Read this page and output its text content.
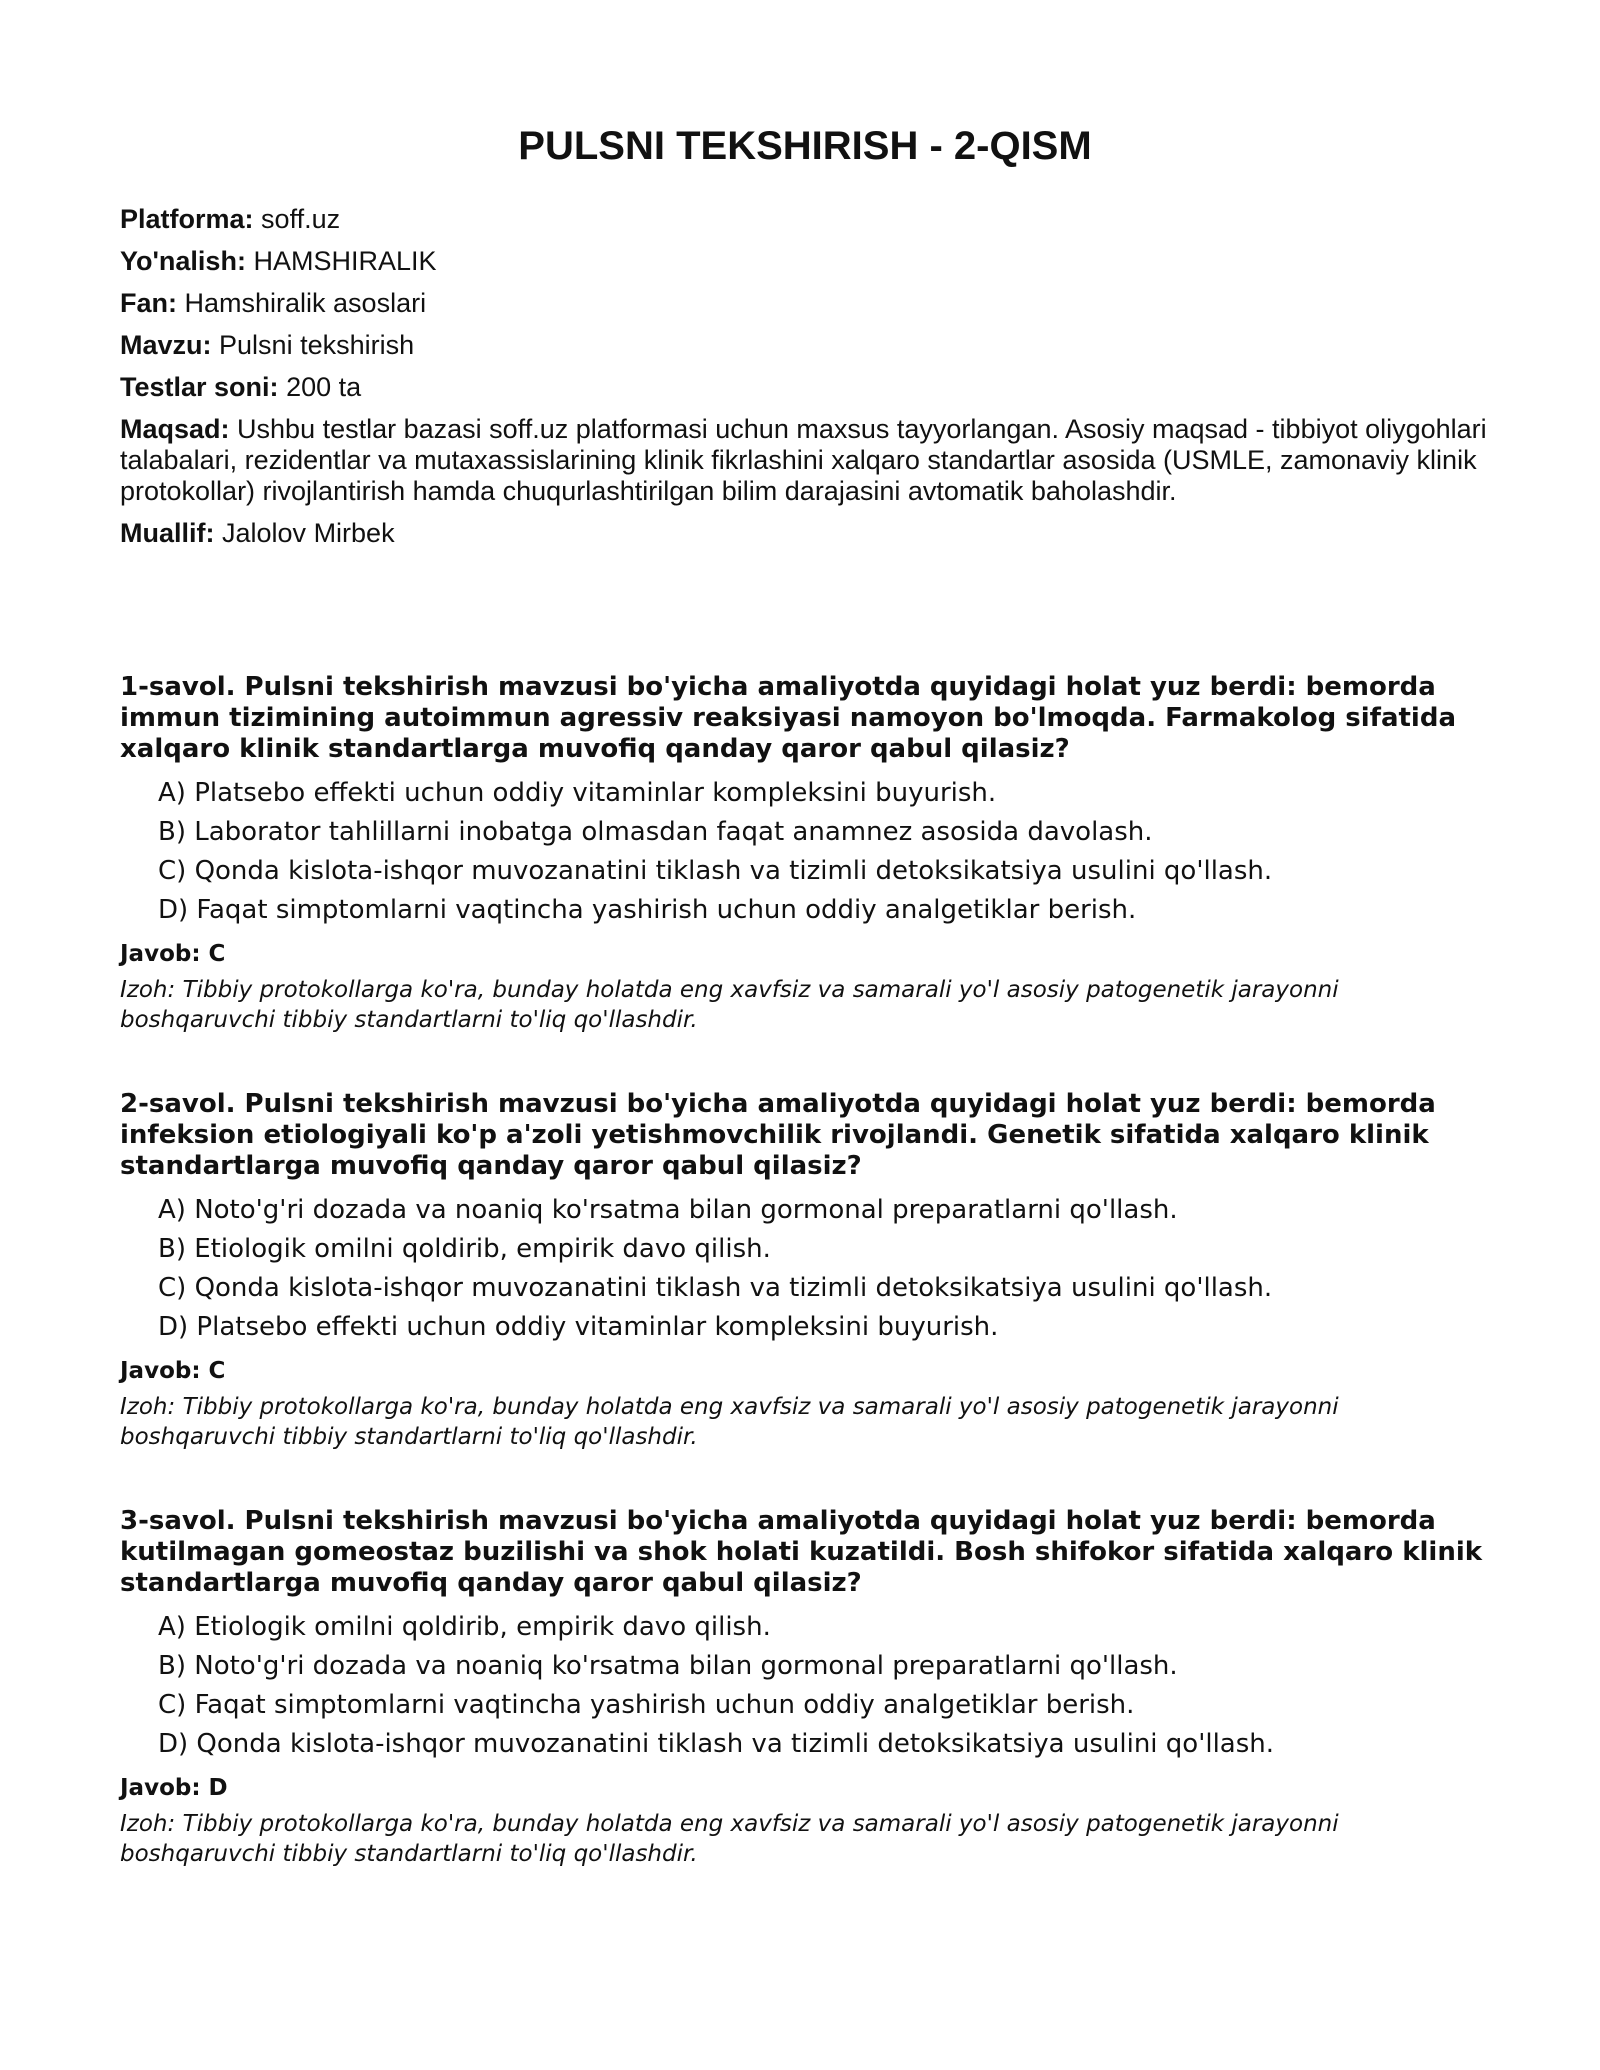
PULSNI TEKSHIRISH - 2-QISM

Platforma: soff.uz

Yo'nalish: HAMSHIRALIK

Fan: Hamshiralik asoslari

Mavzu: Pulsni tekshirish

Testlar soni: 200 ta

Maqsad: Ushbu testlar bazasi soff.uz platformasi uchun maxsus tayyorlangan. Asosiy maqsad - tibbiyot oliygohlari talabalari, rezidentlar va mutaxassislarining klinik fikrlashini xalqaro standartlar asosida (USMLE, zamonaviy klinik protokollar) rivojlantirish hamda chuqurlashtirilgan bilim darajasini avtomatik baholashdir.

Muallif: Jalolov Mirbek

1-savol. Pulsni tekshirish mavzusi bo'yicha amaliyotda quyidagi holat yuz berdi: bemorda immun tizimining autoimmun agressiv reaksiyasi namoyon bo'lmoqda. Farmakolog sifatida xalqaro klinik standartlarga muvofiq qanday qaror qabul qilasiz?

A) Platsebo effekti uchun oddiy vitaminlar kompleksini buyurish.
B) Laborator tahlillarni inobatga olmasdan faqat anamnez asosida davolash.
C) Qonda kislota-ishqor muvozanatini tiklash va tizimli detoksikatsiya usulini qo'llash.
D) Faqat simptomlarni vaqtincha yashirish uchun oddiy analgetiklar berish.

Javob: C

Izoh: Tibbiy protokollarga ko'ra, bunday holatda eng xavfsiz va samarali yo'l asosiy patogenetik jarayonni boshqaruvchi tibbiy standartlarni to'liq qo'llashdir.

2-savol. Pulsni tekshirish mavzusi bo'yicha amaliyotda quyidagi holat yuz berdi: bemorda infeksion etiologiyali ko'p a'zoli yetishmovchilik rivojlandi. Genetik sifatida xalqaro klinik standartlarga muvofiq qanday qaror qabul qilasiz?

A) Noto'g'ri dozada va noaniq ko'rsatma bilan gormonal preparatlarni qo'llash.
B) Etiologik omilni qoldirib, empirik davo qilish.
C) Qonda kislota-ishqor muvozanatini tiklash va tizimli detoksikatsiya usulini qo'llash.
D) Platsebo effekti uchun oddiy vitaminlar kompleksini buyurish.

Javob: C

Izoh: Tibbiy protokollarga ko'ra, bunday holatda eng xavfsiz va samarali yo'l asosiy patogenetik jarayonni boshqaruvchi tibbiy standartlarni to'liq qo'llashdir.

3-savol. Pulsni tekshirish mavzusi bo'yicha amaliyotda quyidagi holat yuz berdi: bemorda kutilmagan gomeostaz buzilishi va shok holati kuzatildi. Bosh shifokor sifatida xalqaro klinik standartlarga muvofiq qanday qaror qabul qilasiz?

A) Etiologik omilni qoldirib, empirik davo qilish.
B) Noto'g'ri dozada va noaniq ko'rsatma bilan gormonal preparatlarni qo'llash.
C) Faqat simptomlarni vaqtincha yashirish uchun oddiy analgetiklar berish.
D) Qonda kislota-ishqor muvozanatini tiklash va tizimli detoksikatsiya usulini qo'llash.

Javob: D

Izoh: Tibbiy protokollarga ko'ra, bunday holatda eng xavfsiz va samarali yo'l asosiy patogenetik jarayonni boshqaruvchi tibbiy standartlarni to'liq qo'llashdir.
